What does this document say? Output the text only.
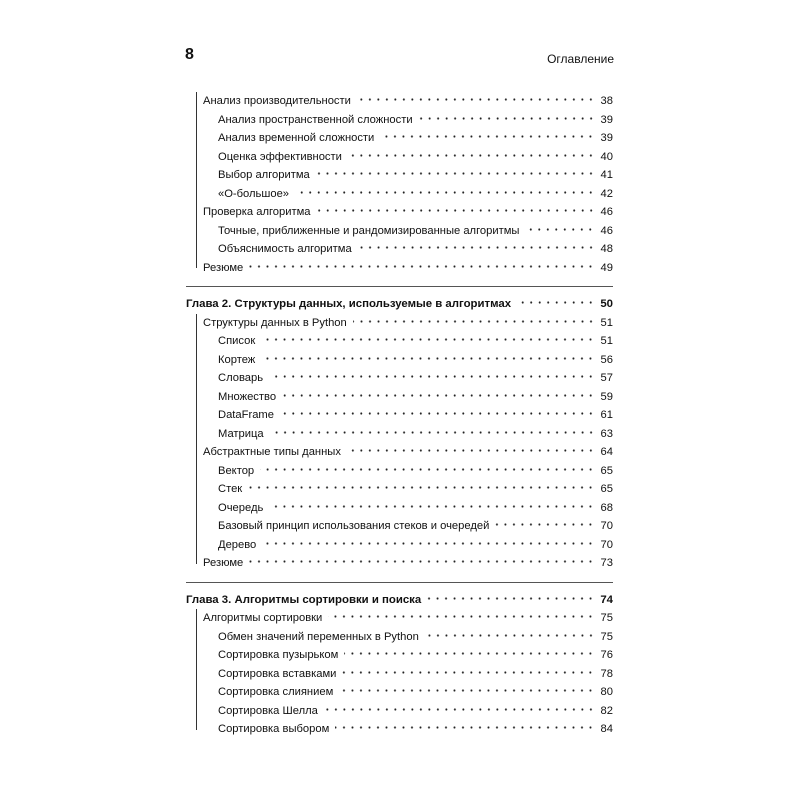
8	Оглавление
Анализ производительности	38
Анализ пространственной сложности	39
Анализ временной сложности	39
Оценка эффективности	40
Выбор алгоритма	41
«О-большое»	42
Проверка алгоритма	46
Точные, приближенные и рандомизированные алгоритмы	46
Объяснимость алгоритма	48
Резюме	49
Глава 2. Структуры данных, используемые в алгоритмах	50
Структуры данных в Python	51
Список	51
Кортеж	56
Словарь	57
Множество	59
DataFrame	61
Матрица	63
Абстрактные типы данных	64
Вектор	65
Стек	65
Очередь	68
Базовый принцип использования стеков и очередей	70
Дерево	70
Резюме	73
Глава 3. Алгоритмы сортировки и поиска	74
Алгоритмы сортировки	75
Обмен значений переменных в Python	75
Сортировка пузырьком	76
Сортировка вставками	78
Сортировка слиянием	80
Сортировка Шелла	82
Сортировка выбором	84
